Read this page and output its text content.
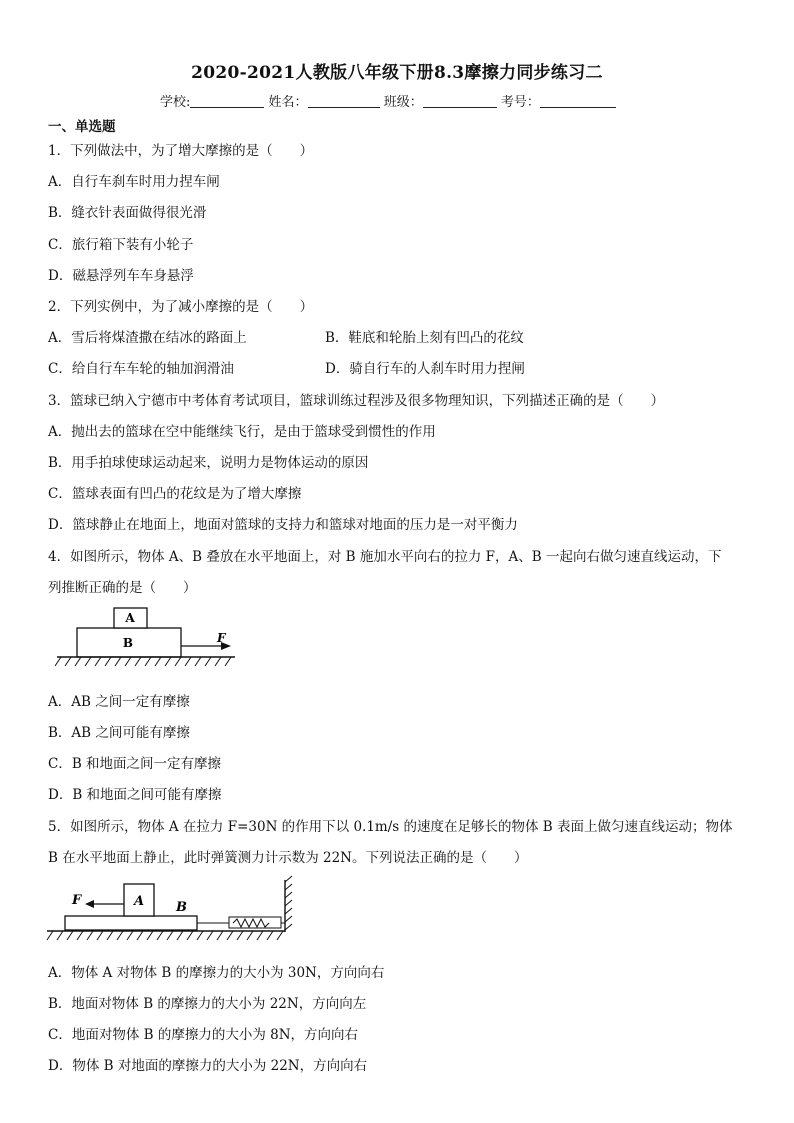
2020-2021人教版八年级下册8.3摩擦力同步练习二
学校:	姓名：	班级：	考号：
一、单选题
1．下列做法中，为了增大摩擦的是（　　）
A．自行车刹车时用力捏车闸
B．缝衣针表面做得很光滑
C．旅行箱下装有小轮子
D．磁悬浮列车车身悬浮
2．下列实例中，为了减小摩擦的是（　　）
A．雪后将煤渣撒在结冰的路面上	B．鞋底和轮胎上刻有凹凸的花纹
C．给自行车车轮的轴加润滑油	D．骑自行车的人刹车时用力捏闸
3．篮球已纳入宁德市中考体育考试项目，篮球训练过程涉及很多物理知识，下列描述正确的是（　　）
A．抛出去的篮球在空中能继续飞行，是由于篮球受到惯性的作用
B．用手拍球使球运动起来，说明力是物体运动的原因
C．篮球表面有凹凸的花纹是为了增大摩擦
D．篮球静止在地面上，地面对篮球的支持力和篮球对地面的压力是一对平衡力
4．如图所示，物体 A、B 叠放在水平地面上，对 B 施加水平向右的拉力 F，A、B 一起向右做匀速直线运动，下
列推断正确的是（　　）
A
B	F
A．AB 之间一定有摩擦
B．AB 之间可能有摩擦
C．B 和地面之间一定有摩擦
D．B 和地面之间可能有摩擦
5．如图所示，物体 A 在拉力 F=30N 的作用下以 0.1m/s 的速度在足够长的物体 B 表面上做匀速直线运动；物体
B 在水平地面上静止，此时弹簧测力计示数为 22N。下列说法正确的是（　　）
A B
F
A．物体 A 对物体 B 的摩擦力的大小为 30N，方向向右
B．地面对物体 B 的摩擦力的大小为 22N，方向向左
C．地面对物体 B 的摩擦力的大小为 8N，方向向右
D．物体 B 对地面的摩擦力的大小为 22N，方向向右
